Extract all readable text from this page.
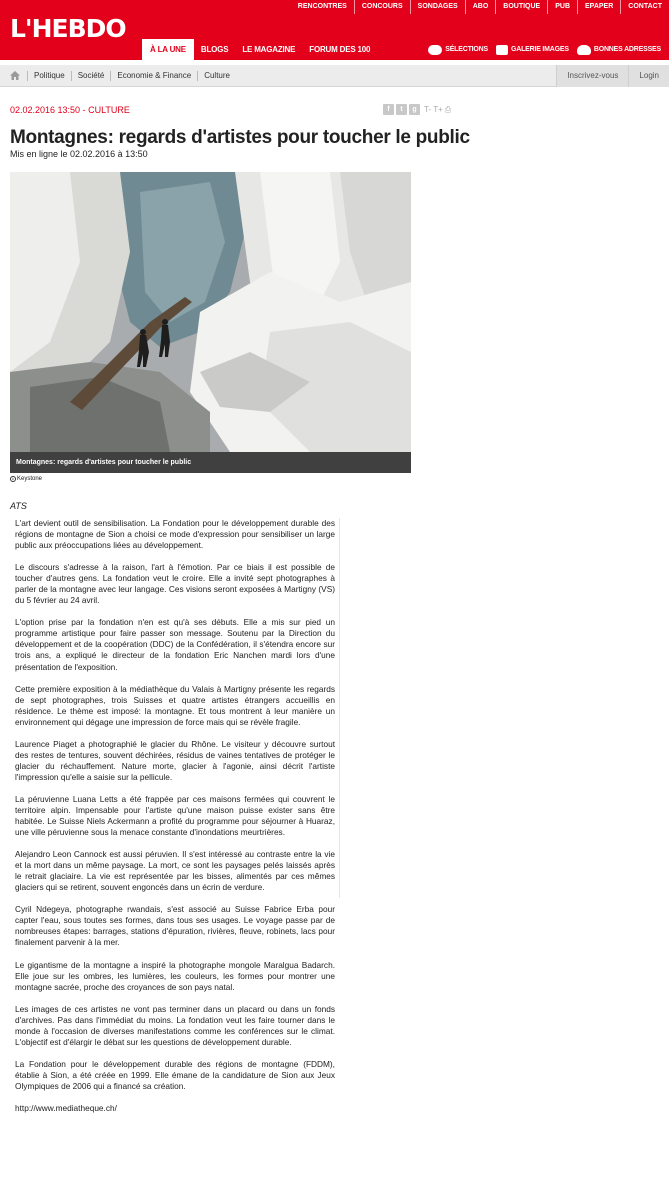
L'HEBDO
RENCONTRES	CONCOURS	SONDAGES	ABO	BOUTIQUE	PUB	EPAPER	CONTACT
À LA UNE	BLOGS	LE MAGAZINE	FORUM DES 100	SÉLECTIONS	GALERIE IMAGES	BONNES ADRESSES
Politique	Société	Economie & Finance	Culture	Inscrivez-vous	Login
02.02.2016 13:50 - CULTURE	f	t	g T- T+ ⎙
Montagnes: regards d'artistes pour toucher le public
Mis en ligne le 02.02.2016 à 13:50
Montagnes: regards d'artistes pour toucher le public
c Keystone
ATS

L'art devient outil de sensibilisation. La Fondation pour le développement durable des régions de montagne de Sion a choisi ce mode d'expression pour sensibiliser un large public aux préoccupations liées au développement.

Le discours s'adresse à la raison, l'art à l'émotion. Par ce biais il est possible de toucher d'autres gens. La fondation veut le croire. Elle a invité sept photographes à parler de la montagne avec leur langage. Ces visions seront exposées à Martigny (VS) du 5 février au 24 avril.

L'option prise par la fondation n'en est qu'à ses débuts. Elle a mis sur pied un programme artistique pour faire passer son message. Soutenu par la Direction du développement et de la coopération (DDC) de la Confédération, il s'étendra encore sur trois ans, a expliqué le directeur de la fondation Eric Nanchen mardi lors d'une présentation de l'exposition.

Cette première exposition à la médiathèque du Valais à Martigny présente les regards de sept photographes, trois Suisses et quatre artistes étrangers accueillis en résidence. Le thème est imposé: la montagne. Et tous montrent à leur manière un environnement qui dégage une impression de force mais qui se révèle fragile.

Laurence Piaget a photographié le glacier du Rhône. Le visiteur y découvre surtout des restes de tentures, souvent déchirées, résidus de vaines tentatives de protéger le glacier du réchauffement. Nature morte, glacier à l'agonie, ainsi décrit l'artiste l'impression qu'elle a saisie sur la pellicule.

La péruvienne Luana Letts a été frappée par ces maisons fermées qui couvrent le territoire alpin. Impensable pour l'artiste qu'une maison puisse exister sans être habitée. Le Suisse Niels Ackermann a profité du programme pour séjourner à Huaraz, une ville péruvienne sous la menace constante d'inondations meurtrières.

Alejandro Leon Cannock est aussi péruvien. Il s'est intéressé au contraste entre la vie et la mort dans un même paysage. La mort, ce sont les paysages pelés laissés après le retrait glaciaire. La vie est représentée par les bisses, alimentés par ces mêmes glaciers qui se retirent, souvent engoncés dans un écrin de verdure.

Cyril Ndegeya, photographe rwandais, s'est associé au Suisse Fabrice Erba pour capter l'eau, sous toutes ses formes, dans tous ses usages. Le voyage passe par de nombreuses étapes: barrages, stations d'épuration, rivières, fleuve, robinets, lacs pour finalement parvenir à la mer.

Le gigantisme de la montagne a inspiré la photographe mongole Maralgua Badarch. Elle joue sur les ombres, les lumières, les couleurs, les formes pour montrer une montagne sacrée, proche des croyances de son pays natal.

Les images de ces artistes ne vont pas terminer dans un placard ou dans un fonds d'archives. Pas dans l'immédiat du moins. La fondation veut les faire tourner dans le monde à l'occasion de diverses manifestations comme les conférences sur le climat. L'objectif est d'élargir le débat sur les questions de développement durable.

La Fondation pour le développement durable des régions de montagne (FDDM), établie à Sion, a été créée en 1999. Elle émane de la candidature de Sion aux Jeux Olympiques de 2006 qui a financé sa création.

http://www.mediatheque.ch/
